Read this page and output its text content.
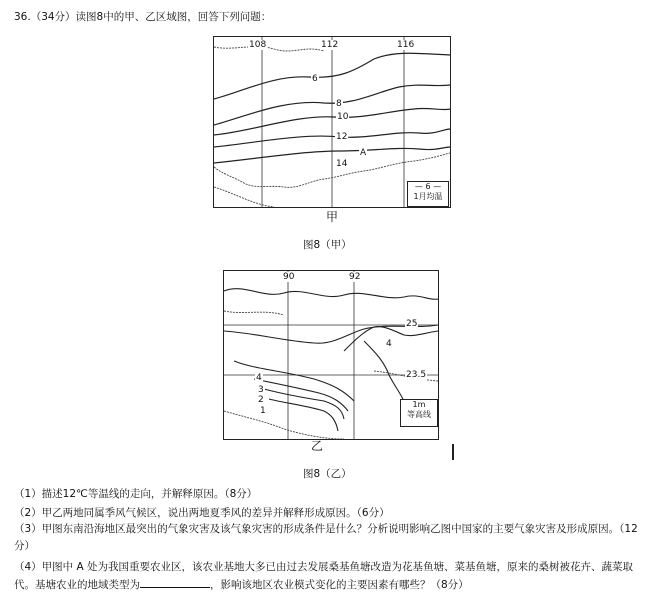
36.（34分）读图8中的甲、乙区域图，回答下列问题：
108	112	116
6
8
10
12
14
A
— 6 —
1月均温
甲
图8（甲）
90	92
25
23.5
4
3
2
1
4
1m
等高线
乙
图8（乙）
（1）描述12℃等温线的走向，并解释原因。（8分）
（2）甲乙两地同属季风气候区，说出两地夏季风的差异并解释形成原因。（6分）
（3）甲图东南沿海地区最突出的气象灾害及该气象灾害的形成条件是什么？分析说明影响乙图中国家的主要气象灾害及形成原因。（12分）
（4）甲图中 A 处为我国重要农业区，该农业基地大多已由过去发展桑基鱼塘改造为花基鱼塘、菜基鱼塘，原来的桑树被花卉、蔬菜取代。基塘农业的地域类型为	，影响该地区农业模式变化的主要因素有哪些？（8分）
